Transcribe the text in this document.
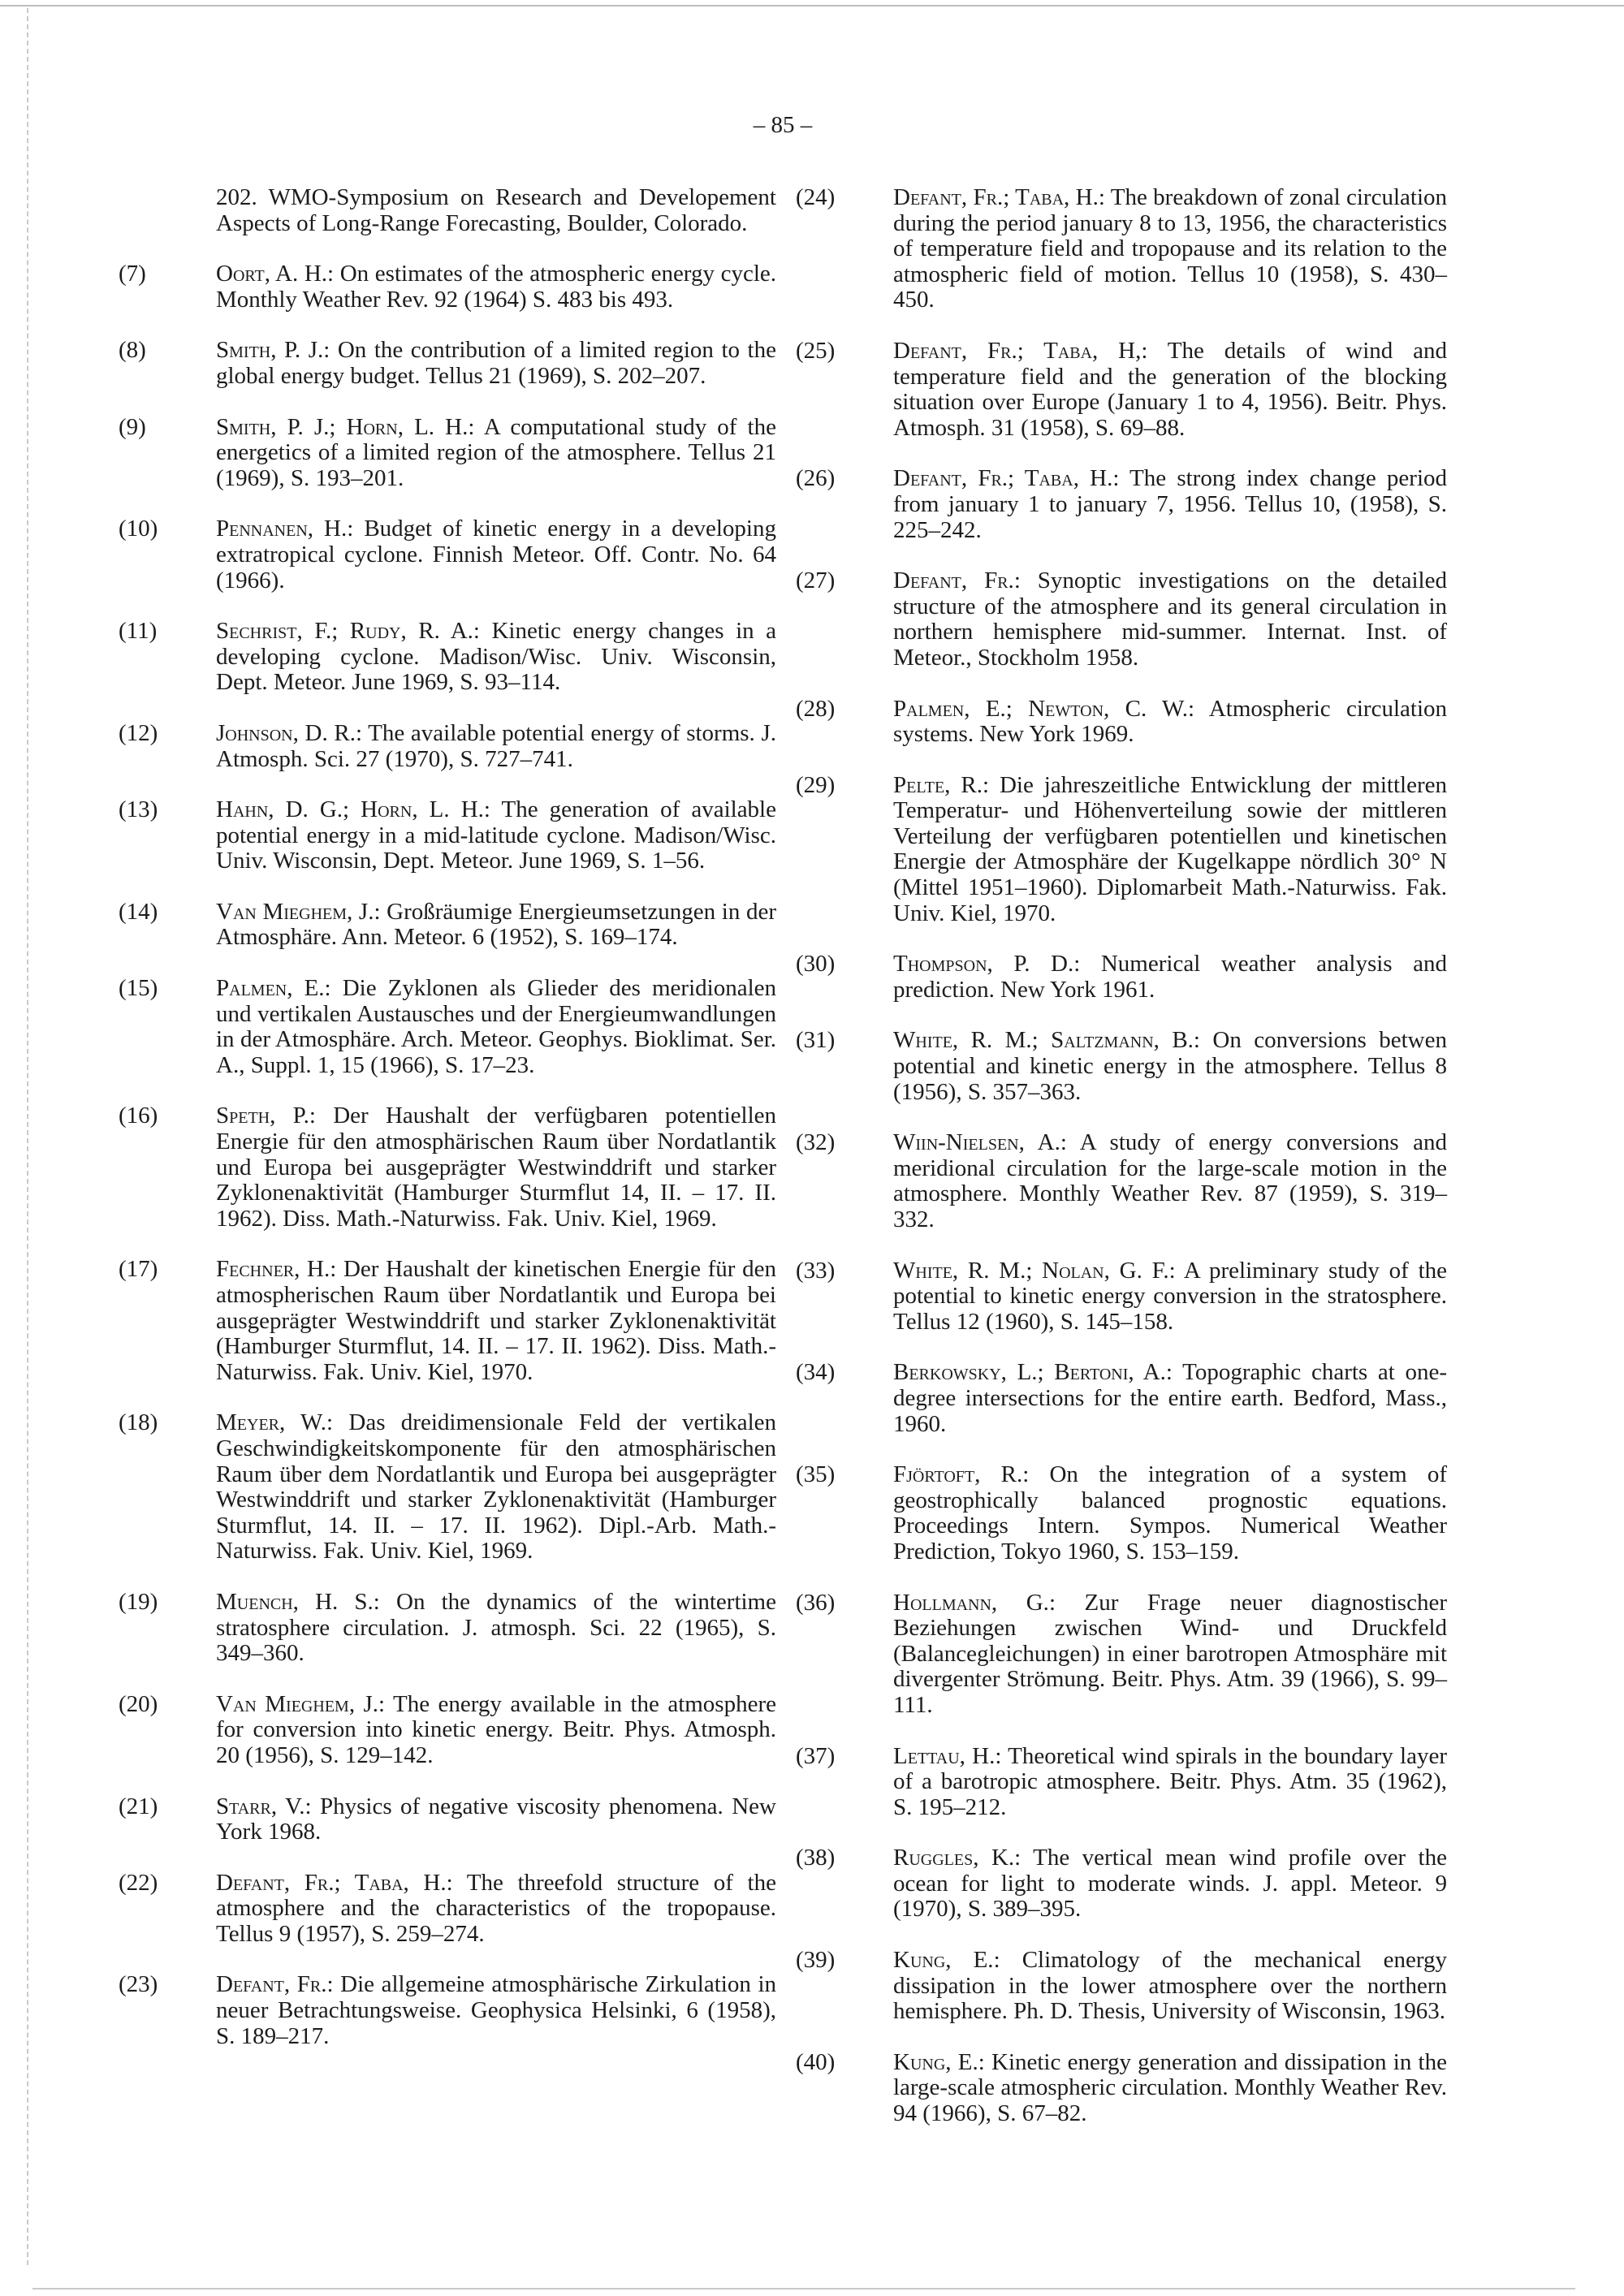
– 85 –
202. WMO-Symposium on Research and Developement Aspects of Long-Range Forecasting, Boulder, Colorado.
(7)	Oort, A. H.: On estimates of the atmospheric energy cycle. Monthly Weather Rev. 92 (1964) S. 483 bis 493.
(8)	Smith, P. J.: On the contribution of a limited region to the global energy budget. Tellus 21 (1969), S. 202–207.
(9)	Smith, P. J.; Horn, L. H.: A computational study of the energetics of a limited region of the atmosphere. Tellus 21 (1969), S. 193–201.
(10)	Pennanen, H.: Budget of kinetic energy in a developing extratropical cyclone. Finnish Meteor. Off. Contr. No. 64 (1966).
(11)	Sechrist, F.; Rudy, R. A.: Kinetic energy changes in a developing cyclone. Madison/Wisc. Univ. Wisconsin, Dept. Meteor. June 1969, S. 93–114.
(12)	Johnson, D. R.: The available potential energy of storms. J. Atmosph. Sci. 27 (1970), S. 727–741.
(13)	Hahn, D. G.; Horn, L. H.: The generation of available potential energy in a mid-latitude cyclone. Madison/Wisc. Univ. Wisconsin, Dept. Meteor. June 1969, S. 1–56.
(14)	Van Mieghem, J.: Großräumige Energieumsetzungen in der Atmosphäre. Ann. Meteor. 6 (1952), S. 169–174.
(15)	Palmen, E.: Die Zyklonen als Glieder des meridionalen und vertikalen Austausches und der Energieumwandlungen in der Atmosphäre. Arch. Meteor. Geophys. Bioklimat. Ser. A., Suppl. 1, 15 (1966), S. 17–23.
(16)	Speth, P.: Der Haushalt der verfügbaren potentiellen Energie für den atmosphärischen Raum über Nordatlantik und Europa bei ausgeprägter Westwinddrift und starker Zyklonenaktivität (Hamburger Sturmflut 14, II. – 17. II. 1962). Diss. Math.-Naturwiss. Fak. Univ. Kiel, 1969.
(17)	Fechner, H.: Der Haushalt der kinetischen Energie für den atmospherischen Raum über Nordatlantik und Europa bei ausgeprägter Westwinddrift und starker Zyklonenaktivität (Hamburger Sturmflut, 14. II. – 17. II. 1962). Diss. Math.-Naturwiss. Fak. Univ. Kiel, 1970.
(18)	Meyer, W.: Das dreidimensionale Feld der vertikalen Geschwindigkeitskomponente für den atmosphärischen Raum über dem Nordatlantik und Europa bei ausgeprägter Westwinddrift und starker Zyklonenaktivität (Hamburger Sturmflut, 14. II. – 17. II. 1962). Dipl.-Arb. Math.-Naturwiss. Fak. Univ. Kiel, 1969.
(19)	Muench, H. S.: On the dynamics of the wintertime stratosphere circulation. J. atmosph. Sci. 22 (1965), S. 349–360.
(20)	Van Mieghem, J.: The energy available in the atmosphere for conversion into kinetic energy. Beitr. Phys. Atmosph. 20 (1956), S. 129–142.
(21)	Starr, V.: Physics of negative viscosity phenomena. New York 1968.
(22)	Defant, Fr.; Taba, H.: The threefold structure of the atmosphere and the characteristics of the tropopause. Tellus 9 (1957), S. 259–274.
(23)	Defant, Fr.: Die allgemeine atmosphärische Zirkulation in neuer Betrachtungsweise. Geophysica Helsinki, 6 (1958), S. 189–217.
(24)	Defant, Fr.; Taba, H.: The breakdown of zonal circulation during the period january 8 to 13, 1956, the characteristics of temperature field and tropopause and its relation to the atmospheric field of motion. Tellus 10 (1958), S. 430–450.
(25)	Defant, Fr.; Taba, H,: The details of wind and temperature field and the generation of the blocking situation over Europe (January 1 to 4, 1956). Beitr. Phys. Atmosph. 31 (1958), S. 69–88.
(26)	Defant, Fr.; Taba, H.: The strong index change period from january 1 to january 7, 1956. Tellus 10, (1958), S. 225–242.
(27)	Defant, Fr.: Synoptic investigations on the detailed structure of the atmosphere and its general circulation in northern hemisphere mid-summer. Internat. Inst. of Meteor., Stockholm 1958.
(28)	Palmen, E.; Newton, C. W.: Atmospheric circulation systems. New York 1969.
(29)	Pelte, R.: Die jahreszeitliche Entwicklung der mittleren Temperatur- und Höhenverteilung sowie der mittleren Verteilung der verfügbaren potentiellen und kinetischen Energie der Atmosphäre der Kugelkappe nördlich 30° N (Mittel 1951–1960). Diplomarbeit Math.-Naturwiss. Fak. Univ. Kiel, 1970.
(30)	Thompson, P. D.: Numerical weather analysis and prediction. New York 1961.
(31)	White, R. M.; Saltzmann, B.: On conversions betwen potential and kinetic energy in the atmosphere. Tellus 8 (1956), S. 357–363.
(32)	Wiin-Nielsen, A.: A study of energy conversions and meridional circulation for the large-scale motion in the atmosphere. Monthly Weather Rev. 87 (1959), S. 319–332.
(33)	White, R. M.; Nolan, G. F.: A preliminary study of the potential to kinetic energy conversion in the stratosphere. Tellus 12 (1960), S. 145–158.
(34)	Berkowsky, L.; Bertoni, A.: Topographic charts at one-degree intersections for the entire earth. Bedford, Mass., 1960.
(35)	Fjörtoft, R.: On the integration of a system of geostrophically balanced prognostic equations. Proceedings Intern. Sympos. Numerical Weather Prediction, Tokyo 1960, S. 153–159.
(36)	Hollmann, G.: Zur Frage neuer diagnostischer Beziehungen zwischen Wind- und Druckfeld (Balancegleichungen) in einer barotropen Atmosphäre mit divergenter Strömung. Beitr. Phys. Atm. 39 (1966), S. 99–111.
(37)	Lettau, H.: Theoretical wind spirals in the boundary layer of a barotropic atmosphere. Beitr. Phys. Atm. 35 (1962), S. 195–212.
(38)	Ruggles, K.: The vertical mean wind profile over the ocean for light to moderate winds. J. appl. Meteor. 9 (1970), S. 389–395.
(39)	Kung, E.: Climatology of the mechanical energy dissipation in the lower atmosphere over the northern hemisphere. Ph. D. Thesis, University of Wisconsin, 1963.
(40)	Kung, E.: Kinetic energy generation and dissipation in the large-scale atmospheric circulation. Monthly Weather Rev. 94 (1966), S. 67–82.
